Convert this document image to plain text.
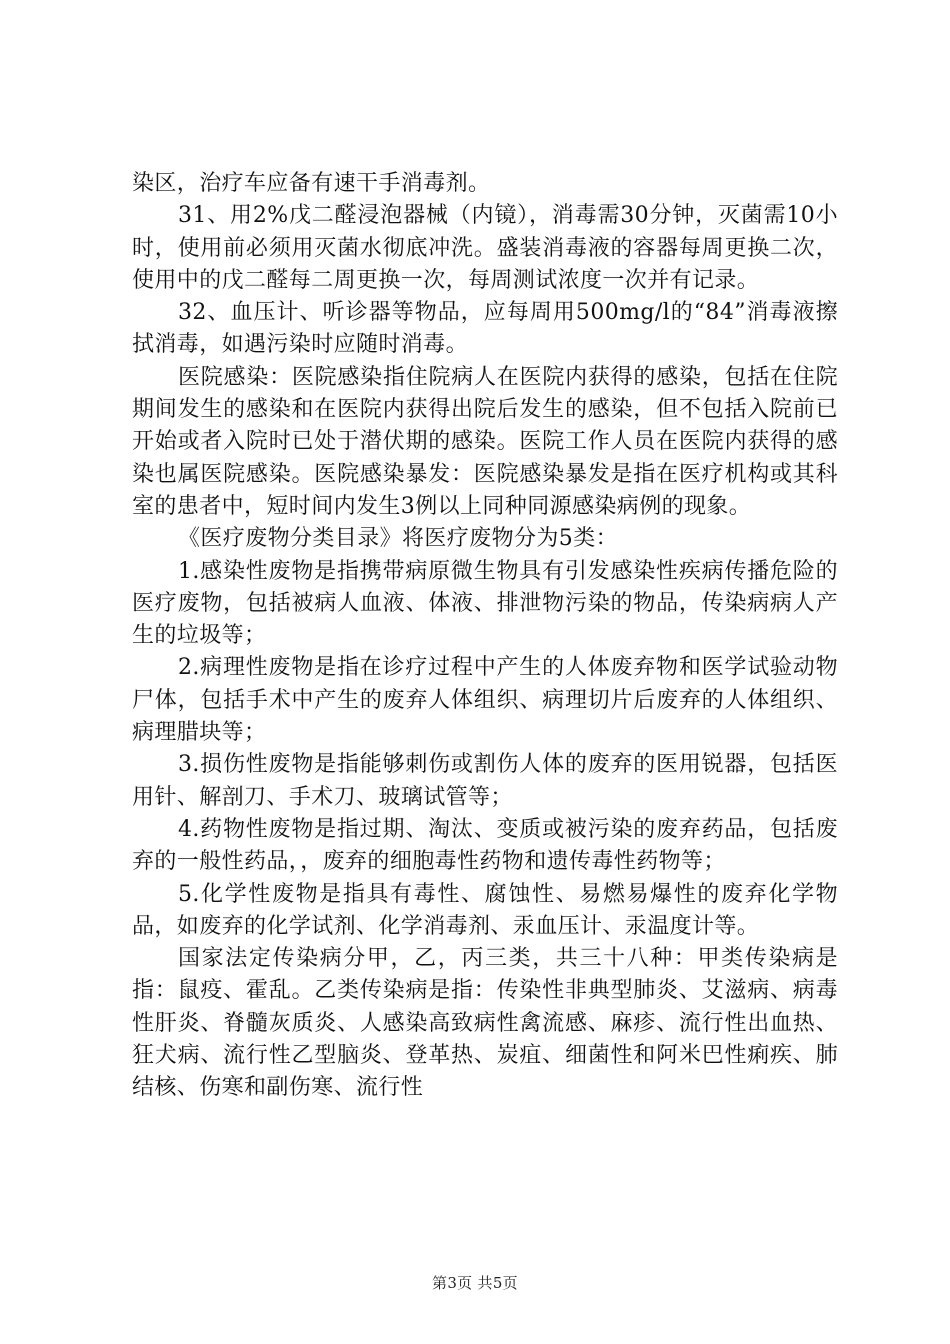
染区，治疗车应备有速干手消毒剂。

31、用2%戊二醛浸泡器械（内镜），消毒需30分钟，灭菌需10小时，使用前必须用灭菌水彻底冲洗。盛装消毒液的容器每周更换二次，使用中的戊二醛每二周更换一次，每周测试浓度一次并有记录。

32、血压计、听诊器等物品，应每周用500mg/l的“84”消毒液擦拭消毒，如遇污染时应随时消毒。

医院感染：医院感染指住院病人在医院内获得的感染，包括在住院期间发生的感染和在医院内获得出院后发生的感染，但不包括入院前已开始或者入院时已处于潜伏期的感染。医院工作人员在医院内获得的感染也属医院感染。医院感染暴发：医院感染暴发是指在医疗机构或其科室的患者中，短时间内发生3例以上同种同源感染病例的现象。

《医疗废物分类目录》将医疗废物分为5类：

1.感染性废物是指携带病原微生物具有引发感染性疾病传播危险的医疗废物，包括被病人血液、体液、排泄物污染的物品，传染病病人产生的垃圾等；

2.病理性废物是指在诊疗过程中产生的人体废弃物和医学试验动物尸体，包括手术中产生的废弃人体组织、病理切片后废弃的人体组织、病理腊块等；

3.损伤性废物是指能够刺伤或割伤人体的废弃的医用锐器，包括医用针、解剖刀、手术刀、玻璃试管等；

4.药物性废物是指过期、淘汰、变质或被污染的废弃药品，包括废弃的一般性药品，，废弃的细胞毒性药物和遗传毒性药物等；

5.化学性废物是指具有毒性、腐蚀性、易燃易爆性的废弃化学物品，如废弃的化学试剂、化学消毒剂、汞血压计、汞温度计等。

国家法定传染病分甲，乙，丙三类，共三十八种：甲类传染病是指：鼠疫、霍乱。乙类传染病是指：传染性非典型肺炎、艾滋病、病毒性肝炎、脊髓灰质炎、人感染高致病性禽流感、麻疹、流行性出血热、狂犬病、流行性乙型脑炎、登革热、炭疽、细菌性和阿米巴性痢疾、肺结核、伤寒和副伤寒、流行性

第3页 共5页
